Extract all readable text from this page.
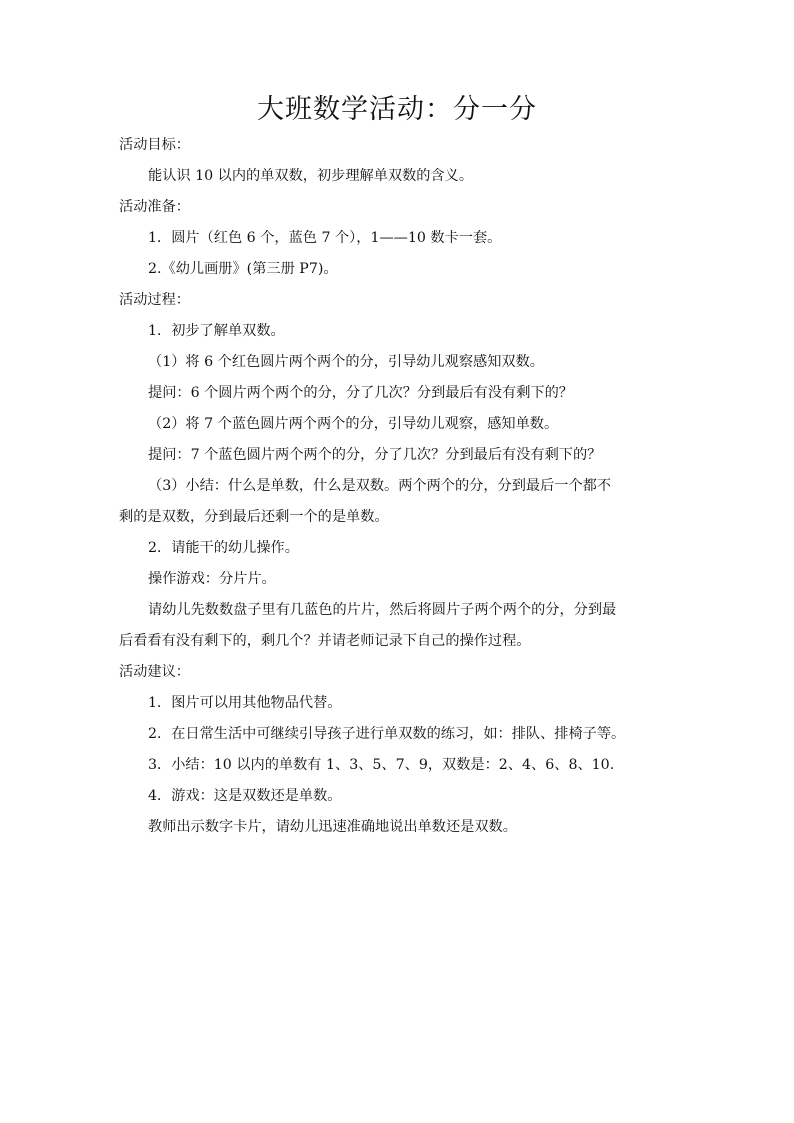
大班数学活动：分一分
活动目标：
能认识 10 以内的单双数，初步理解单双数的含义。
活动准备：
1．圆片（红色 6 个，蓝色 7 个），1——10 数卡一套。
2.《幼儿画册》(第三册 P7)。
活动过程：
1．初步了解单双数。
（1）将 6 个红色圆片两个两个的分，引导幼儿观察感知双数。
提问：6 个圆片两个两个的分，分了几次？分到最后有没有剩下的？
（2）将 7 个蓝色圆片两个两个的分，引导幼儿观察，感知单数。
提问：7 个蓝色圆片两个两个的分，分了几次？分到最后有没有剩下的？
（3）小结：什么是单数，什么是双数。两个两个的分，分到最后一个都不
剩的是双数，分到最后还剩一个的是单数。
2．请能干的幼儿操作。
操作游戏：分片片。
请幼儿先数数盘子里有几蓝色的片片，然后将圆片子两个两个的分，分到最
后看看有没有剩下的，剩几个？并请老师记录下自己的操作过程。
活动建议：
1．图片可以用其他物品代替。
2．在日常生活中可继续引导孩子进行单双数的练习，如：排队、排椅子等。
3．小结：10 以内的单数有 1、3、5、7、9，双数是：2、4、6、8、10.
4．游戏：这是双数还是单数。
教师出示数字卡片，请幼儿迅速准确地说出单数还是双数。
